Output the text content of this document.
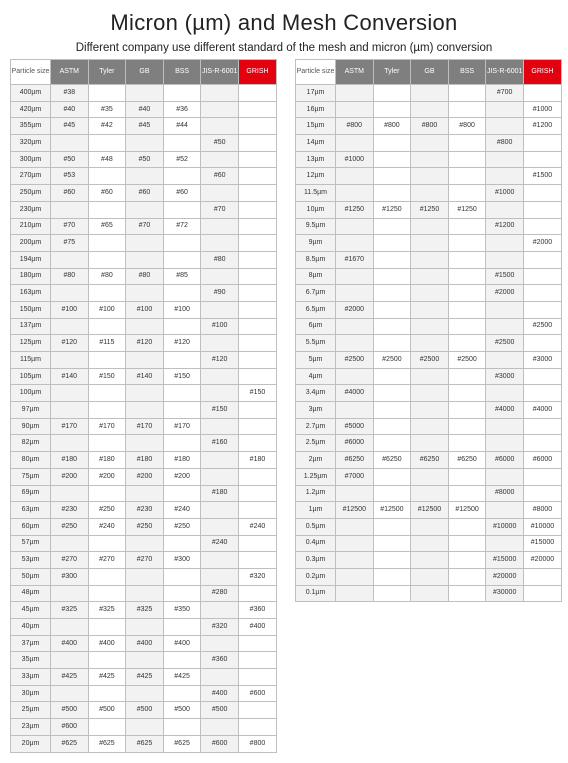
Micron (µm) and Mesh Conversion
Different company use different standard of the mesh and micron (µm) conversion
Particle size	ASTM	Tyler	GB	BSS	JIS-R-6001	GRISH
400µm	#38					
420µm	#40	#35	#40	#36		
355µm	#45	#42	#45	#44		
320µm					#50	
300µm	#50	#48	#50	#52		
270µm	#53				#60	
250µm	#60	#60	#60	#60		
230µm					#70	
210µm	#70	#65	#70	#72		
200µm	#75					
194µm					#80	
180µm	#80	#80	#80	#85		
163µm					#90	
150µm	#100	#100	#100	#100		
137µm					#100	
125µm	#120	#115	#120	#120		
115µm					#120	
105µm	#140	#150	#140	#150		
100µm						#150
97µm					#150	
90µm	#170	#170	#170	#170		
82µm					#160	
80µm	#180	#180	#180	#180		#180
75µm	#200	#200	#200	#200		
69µm					#180	
63µm	#230	#250	#230	#240		
60µm	#250	#240	#250	#250		#240
57µm					#240	
53µm	#270	#270	#270	#300		
50µm	#300					#320
48µm					#280	
45µm	#325	#325	#325	#350		#360
40µm					#320	#400
37µm	#400	#400	#400	#400		
35µm					#360	
33µm	#425	#425	#425	#425		
30µm					#400	#600
25µm	#500	#500	#500	#500	#500	
23µm	#600					
20µm	#625	#625	#625	#625	#600	#800
Particle size	ASTM	Tyler	GB	BSS	JIS-R-6001	GRISH
17µm					#700	
16µm						#1000
15µm	#800	#800	#800	#800		#1200
14µm					#800	
13µm	#1000					
12µm						#1500
11.5µm					#1000	
10µm	#1250	#1250	#1250	#1250		
9.5µm					#1200	
9µm						#2000
8.5µm	#1670					
8µm					#1500	
6.7µm					#2000	
6.5µm	#2000					
6µm						#2500
5.5µm					#2500	
5µm	#2500	#2500	#2500	#2500		#3000
4µm					#3000	
3.4µm	#4000					
3µm					#4000	#4000
2.7µm	#5000					
2.5µm	#6000					
2µm	#6250	#6250	#6250	#6250	#6000	#6000
1.25µm	#7000					
1.2µm					#8000	
1µm	#12500	#12500	#12500	#12500		#8000
0.5µm					#10000	#10000
0.4µm						#15000
0.3µm					#15000	#20000
0.2µm					#20000	
0.1µm					#30000	
